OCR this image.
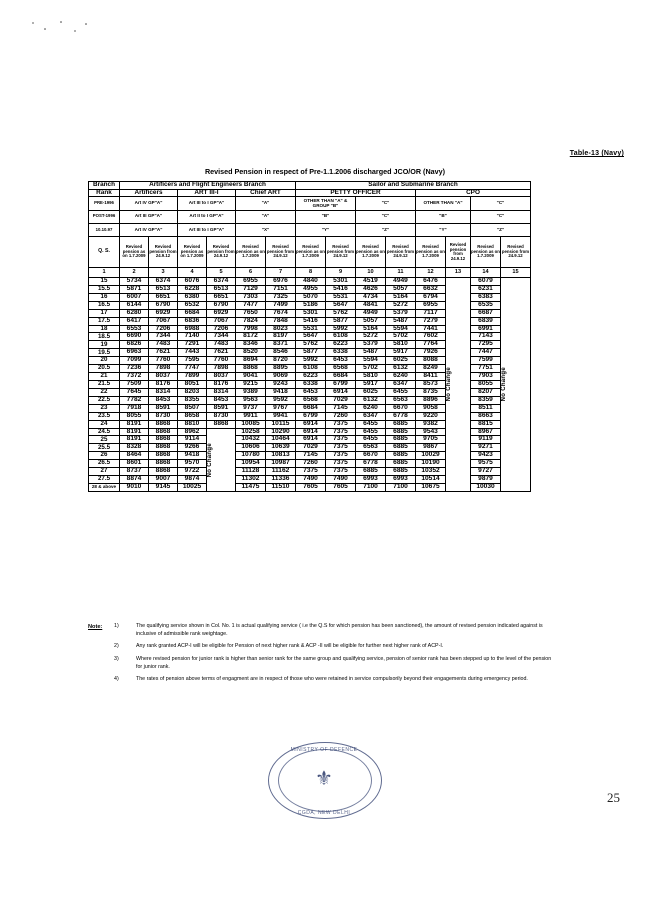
Table-13 (Navy)
Revised Pension in respect of Pre-1.1.2006 discharged JCO/OR (Navy)
Branch	Artificers and Flight Engineers Branch						Sailor and Submarine Branch							
Rank	Artificers		ART III-I		Chief ART		PETTY OFFICER				CPO			
PRE-1996	Art IV GP"A"		Art III to I GP"A"		"A"		OTHER THAN "A" & GROUP "B"		"C"		OTHER THAN "A"		"C"	
POST-1996	Art III GP"A"		Art II to I GP"A"		"A"		"B"		"C"		"B"		"C"	
10.10.97	Art IV GP"A"		Art III to I GP"A"		"X"		"Y"		"Z"		"Y"		"Z"	
Q. S.	Revised pension as on 1.7.2009	Revised pension from 24.9.12	Revised pension as on 1.7.2009	Revised pension from 24.9.12	Revised pension as on 1.7.2009	Revised pension from 24.9.12	Revised pension as on 1.7.2009	Revised pension from 24.9.12	Revised pension as on 1.7.2009	Revised pension from 24.9.12	Revised pension as on 1.7.2009	Revised pension from 24.9.12	Revised pension as on 1.7.2009	Revised pension from 24.9.12
1	2	3	4	5	6	7	8	9	10	11	12	13	14	15
15	5734	6374	6076	6374	6955	6976	4840	5301	4519	4949	6476	No Change	6079	No Change

15.5	5871	6513	6228	6513	7129	7151	4955	5416	4626	5057	6632		6231	
16	6007	6651	6380	6651	7303	7325	5070	5531	4734	5164	6794		6383	
16.5	6144	6790	6532	6790	7477	7499	5186	5647	4841	5272	6955		6535	
17	6280	6929	6684	6929	7650	7674	5301	5762	4949	5379	7117		6687	
17.5	6417	7067	6836	7067	7824	7848	5416	5877	5057	5487	7279		6839	
18	6553	7206	6988	7206	7998	8023	5531	5992	5164	5594	7441		6991	
18.5	6690	7344	7140	7344	8172	8197	5647	6108	5272	5702	7602		7143	
19	6826	7483	7291	7483	8346	8371	5762	6223	5379	5810	7764		7295	
19.5	6963	7621	7443	7621	8520	8546	5877	6338	5487	5917	7926		7447	
20	7099	7760	7595	7760	8694	8720	5992	6453	5594	6025	8088		7599	
20.5	7236	7898	7747	7898	8868	8895	6108	6568	5702	6132	8249		7751	
21	7372	8037	7899	8037	9041	9069	6223	6684	5810	6240	8411		7903	
21.5	7509	8176	8051	8176	9215	9243	6338	6799	5917	6347	8573		8055	
22	7645	8314	8203	8314	9389	9418	6453	6914	6025	6455	8735		8207	
22.5	7782	8453	8355	8453	9563	9592	6568	7029	6132	6563	8896		8359	
23	7918	8591	8507	8591	9737	9767	6684	7145	6240	6670	9058		8511	
23.5	8055	8730	8658	8730	9911	9941	6799	7260	6347	6778	9220		8663	
24	8191	8868	8810	8868	10085	10115	6914	7375	6455	6885	9382		8815	
24.5	8191	8868	8962	No Change	10258	10290	6914	7375	6455	6885	9543		8967	
25	8191	8868	9114		10432	10464	6914	7375	6455	6885	9705		9119	
25.5	8328	8868	9266		10606	10639	7029	7375	6563	6885	9867		9271	
26	8464	8868	9418		10780	10813	7145	7375	6670	6885	10029		9423	
26.5	8601	8868	9570		10954	10987	7260	7375	6778	6885	10190		9575	
27	8737	8868	9722		11128	11162	7375	7375	6885	6885	10352		9727	
27.5	8874	9007	9874		11302	11336	7490	7490	6993	6993	10514		9879	
28 & above	9010	9145	10025		11475	11510	7605	7605	7100	7100	10675		10030	
Note:	1)	The qualifying service shown in Col. No. 1 is actual qualifying service ( i.e the Q.S for which pension has been sanctioned), the amount of revised pension indicated against is inclusive of admissible rank weightage.
2)	Any rank granted ACP-I will be eligible for Pension of next higher rank & ACP -II will be eligible for further next higher rank of ACP-I.
3)	Where revised pension for junior rank is higher than senior rank for the same group and qualifying service, pension of senior rank has been stepped up to the level of the pension for junior rank.
4)	The rates of pension above terms of engagment are in respect of those who were retained in service compulsorily beyond their engagements during emergency period.
MINISTRY OF DEFENCE
⚜
CGDA, NEW DELHI
25
